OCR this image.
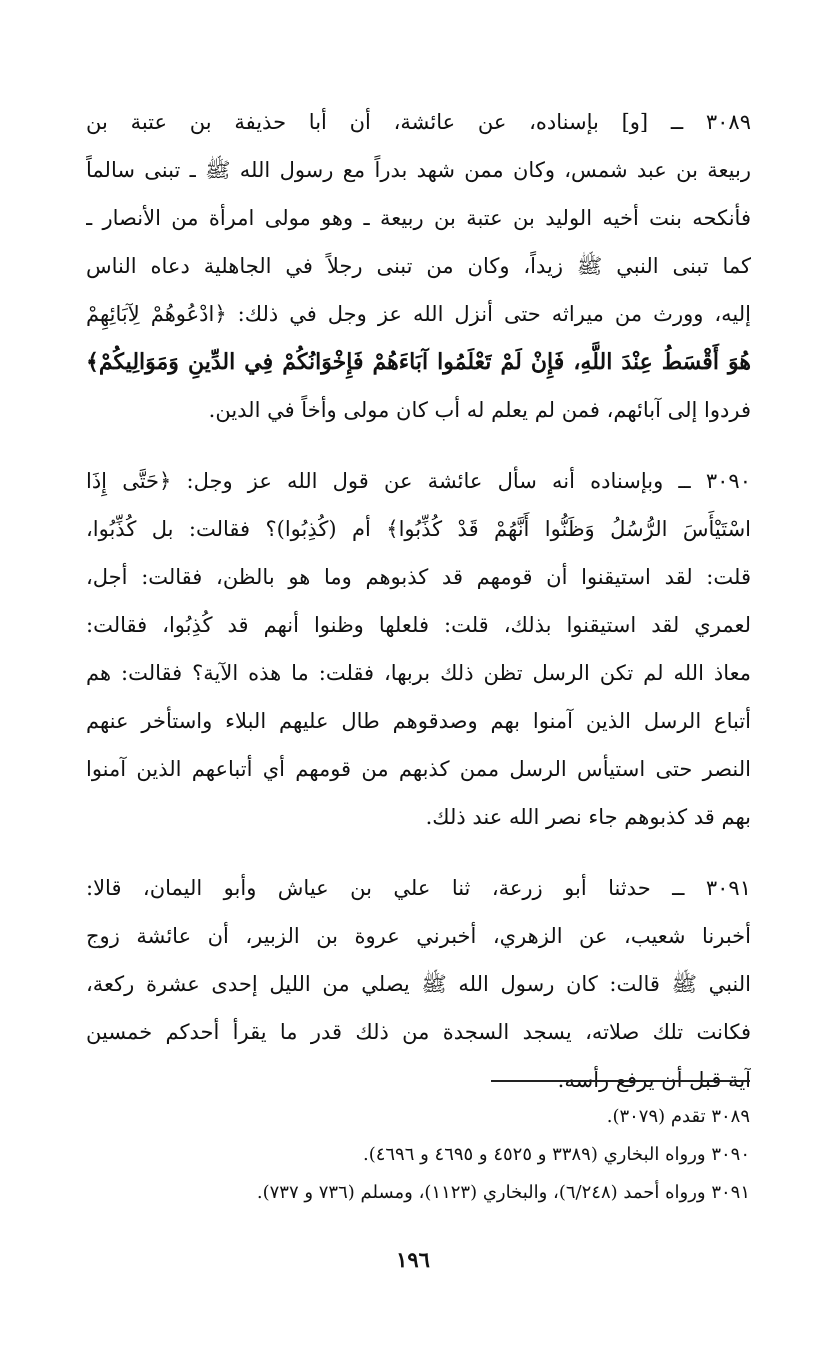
٣٠٨٩ ــ [و] بإسناده، عن عائشة، أن أبا حذيفة بن عتبة بن
ربيعة بن عبد شمس، وكان ممن شهد بدراً مع رسول الله ﷺ ـ تبنى سالماً
فأنكحه بنت أخيه الوليد بن عتبة بن ربيعة ـ وهو مولى امرأة من الأنصار ـ
كما تبنى النبي ﷺ زيداً، وكان من تبنى رجلاً في الجاهلية دعاه الناس
إليه، وورث من ميراثه حتى أنزل الله عز وجل في ذلك: ﴿ادْعُوهُمْ لِآبَائِهِمْ
هُوَ أَقْسَطُ عِنْدَ اللَّهِ، فَإِنْ لَمْ تَعْلَمُوا آبَاءَهُمْ فَإِخْوَانُكُمْ فِي الدِّينِ وَمَوَالِيكُمْ﴾
فردوا إلى آبائهم، فمن لم يعلم له أب كان مولى وأخاً في الدين.
٣٠٩٠ ــ وبإسناده أنه سأل عائشة عن قول الله عز وجل: ﴿حَتَّى إِذَا
اسْتَيْأَسَ الرُّسُلُ وَظَنُّوا أَنَّهُمْ قَدْ كُذِّبُوا﴾ أم (كُذِبُوا)؟ فقالت: بل كُذِّبُوا،
قلت: لقد استيقنوا أن قومهم قد كذبوهم وما هو بالظن، فقالت: أجل،
لعمري لقد استيقنوا بذلك، قلت: فلعلها وظنوا أنهم قد كُذِبُوا، فقالت:
معاذ الله لم تكن الرسل تظن ذلك بربها، فقلت: ما هذه الآية؟ فقالت: هم
أتباع الرسل الذين آمنوا بهم وصدقوهم طال عليهم البلاء واستأخر عنهم
النصر حتى استيأس الرسل ممن كذبهم من قومهم أي أتباعهم الذين آمنوا
بهم قد كذبوهم جاء نصر الله عند ذلك.
٣٠٩١ ــ حدثنا أبو زرعة، ثنا علي بن عياش وأبو اليمان، قالا:
أخبرنا شعيب، عن الزهري، أخبرني عروة بن الزبير، أن عائشة زوج
النبي ﷺ قالت: كان رسول الله ﷺ يصلي من الليل إحدى عشرة ركعة،
فكانت تلك صلاته، يسجد السجدة من ذلك قدر ما يقرأ أحدكم خمسين
آية قبل أن يرفع رأسه.
٣٠٨٩ تقدم (٣٠٧٩).
٣٠٩٠ ورواه البخاري (٣٣٨٩ و ٤٥٢٥ و ٤٦٩٥ و ٤٦٩٦).
٣٠٩١ ورواه أحمد (٦/٢٤٨)، والبخاري (١١٢٣)، ومسلم (٧٣٦ و ٧٣٧).
١٩٦
